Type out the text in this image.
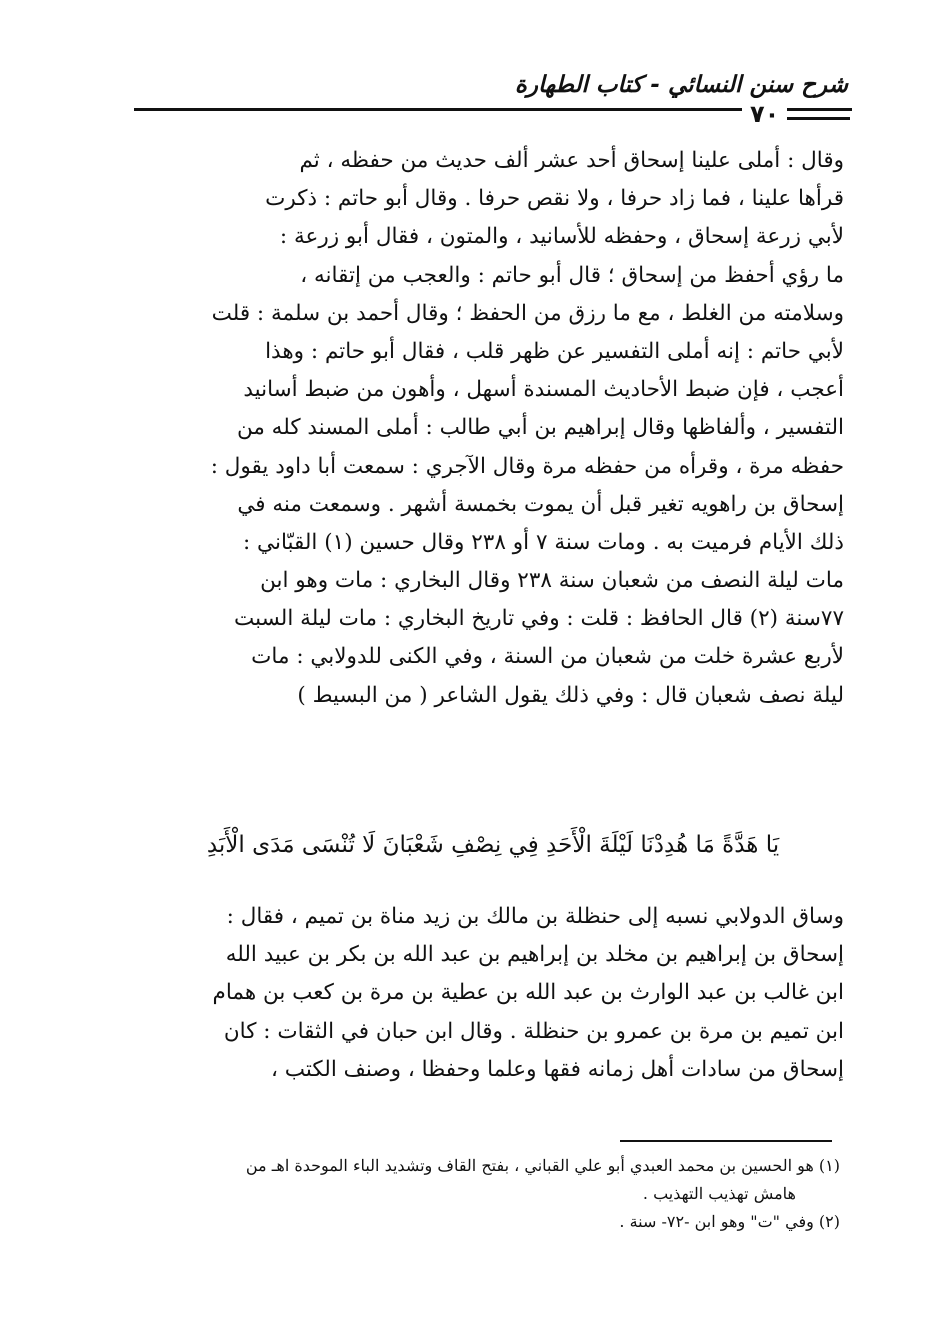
شرح سنن النسائي - كتاب الطهارة
٧٠
وقال : أملى علينا إسحاق أحد عشر ألف حديث من حفظه ، ثم
قرأها علينا ، فما زاد حرفا ، ولا نقص حرفا . وقال أبو حاتم : ذكرت
لأبي زرعة إسحاق ، وحفظه للأسانيد ، والمتون ، فقال أبو زرعة :
ما رؤي أحفظ من إسحاق ؛ قال أبو حاتم : والعجب من إتقانه ،
وسلامته من الغلط ، مع ما رزق من الحفظ ؛ وقال أحمد بن سلمة : قلت
لأبي حاتم : إنه أملى التفسير عن ظهر قلب ، فقال أبو حاتم : وهذا
أعجب ، فإن ضبط الأحاديث المسندة أسهل ، وأهون من ضبط أسانيد
التفسير ، وألفاظها وقال إبراهيم بن أبي طالب : أملى المسند كله من
حفظه مرة ، وقرأه من حفظه مرة وقال الآجري : سمعت أبا داود يقول :
إسحاق بن راهويه تغير قبل أن يموت بخمسة أشهر . وسمعت منه في
ذلك الأيام فرميت به . ومات سنة ٧ أو ٢٣٨ وقال حسين (١) القبّاني :
مات ليلة النصف من شعبان سنة ٢٣٨ وقال البخاري : مات وهو ابن
٧٧سنة (٢) قال الحافظ : قلت : وفي تاريخ البخاري : مات ليلة السبت
لأربع عشرة خلت من شعبان من السنة ، وفي الكنى للدولابي : مات
ليلة نصف شعبان قال : وفي ذلك يقول الشاعر ( من البسيط )
يَا هَدَّةً مَا هُدِدْنَا لَيْلَةَ الْأَحَدِ فِي نِصْفِ شَعْبَانَ لَا تُنْسَى مَدَى الْأَبَدِ
وساق الدولابي نسبه إلى حنظلة بن مالك بن زيد مناة بن تميم ، فقال :
إسحاق بن إبراهيم بن مخلد بن إبراهيم بن عبد الله بن بكر بن عبيد الله
ابن غالب بن عبد الوارث بن عبد الله بن عطية بن مرة بن كعب بن همام
ابن تميم بن مرة بن عمرو بن حنظلة . وقال ابن حبان في الثقات : كان
إسحاق من سادات أهل زمانه فقها وعلما وحفظا ، وصنف الكتب ،
(١) هو الحسين بن محمد العبدي أبو علي القباني ، بفتح القاف وتشديد الباء الموحدة اهـ من
هامش تهذيب التهذيب .
(٢) وفي "ت" وهو ابن -٧٢- سنة .
